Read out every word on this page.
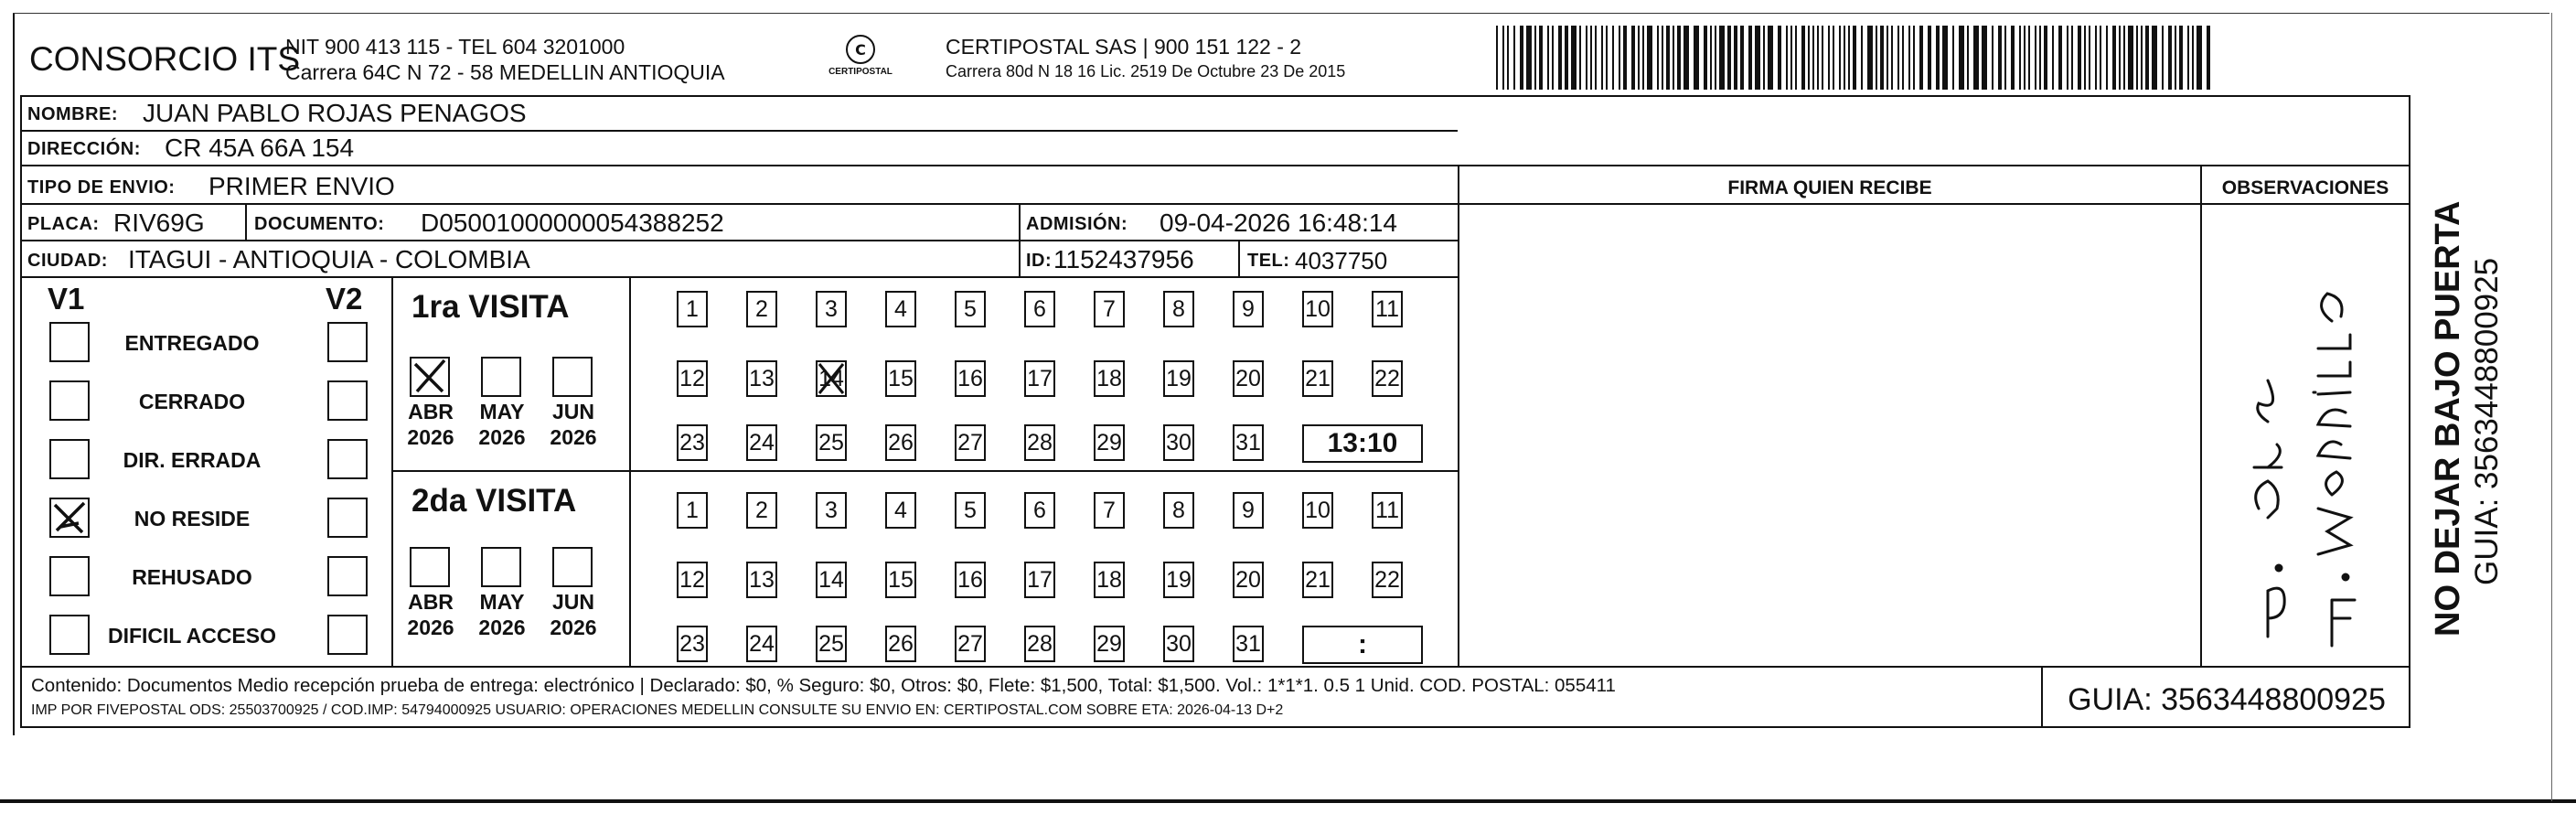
CONSORCIO ITS
NIT 900 413 115 - TEL 604 3201000
Carrera 64C N 72 - 58 MEDELLIN ANTIOQUIA
C
CERTIPOSTAL
CERTIPOSTAL SAS | 900 151 122 - 2
Carrera 80d N 18 16 Lic. 2519 De Octubre 23 De 2015
NOMBRE: JUAN PABLO ROJAS PENAGOS
DIRECCIÓN: CR 45A 66A 154
TIPO DE ENVIO: PRIMER ENVIO	FIRMA QUIEN RECIBE	OBSERVACIONES
PLACA: RIV69G	DOCUMENTO: D05001000000054388252	ADMISIÓN: 09-04-2026 16:48:14
CIUDAD: ITAGUI - ANTIOQUIA - COLOMBIA	ID: 1152437956	TEL: 4037750
V1	V2
ENTREGADO
CERRADO
DIR. ERRADA
NO RESIDE
REHUSADO
DIFICIL ACCESO
1ra VISITA
ABR
2026
MAY
2026
JUN
2026
1	2	3	4	5	6	7	8	9	10 11
12 13 14 15 16 17 18 19 20 21 22
23 24 25 26 27 28 29 30 31	13:10
2da VISITA
ABR
2026
MAY
2026
JUN
2026
1	2	3	4	5	6	7	8	9	10 11
12 13 14 15 16 17 18 19 20 21 22
23 24 25 26 27 28 29 30 31	:
Contenido: Documentos Medio recepción prueba de entrega: electrónico | Declarado: $0, % Seguro: $0, Otros: $0, Flete: $1,500, Total: $1,500. Vol.: 1*1*1. 0.5 1 Unid. COD. POSTAL: 055411
IMP POR FIVEPOSTAL ODS: 25503700925 / COD.IMP: 54794000925 USUARIO: OPERACIONES MEDELLIN CONSULTE SU ENVIO EN: CERTIPOSTAL.COM SOBRE ETA: 2026-04-13 D+2	GUIA: 3563448800925
NO DEJAR BAJO PUERTA GUIA: 3563448800925
